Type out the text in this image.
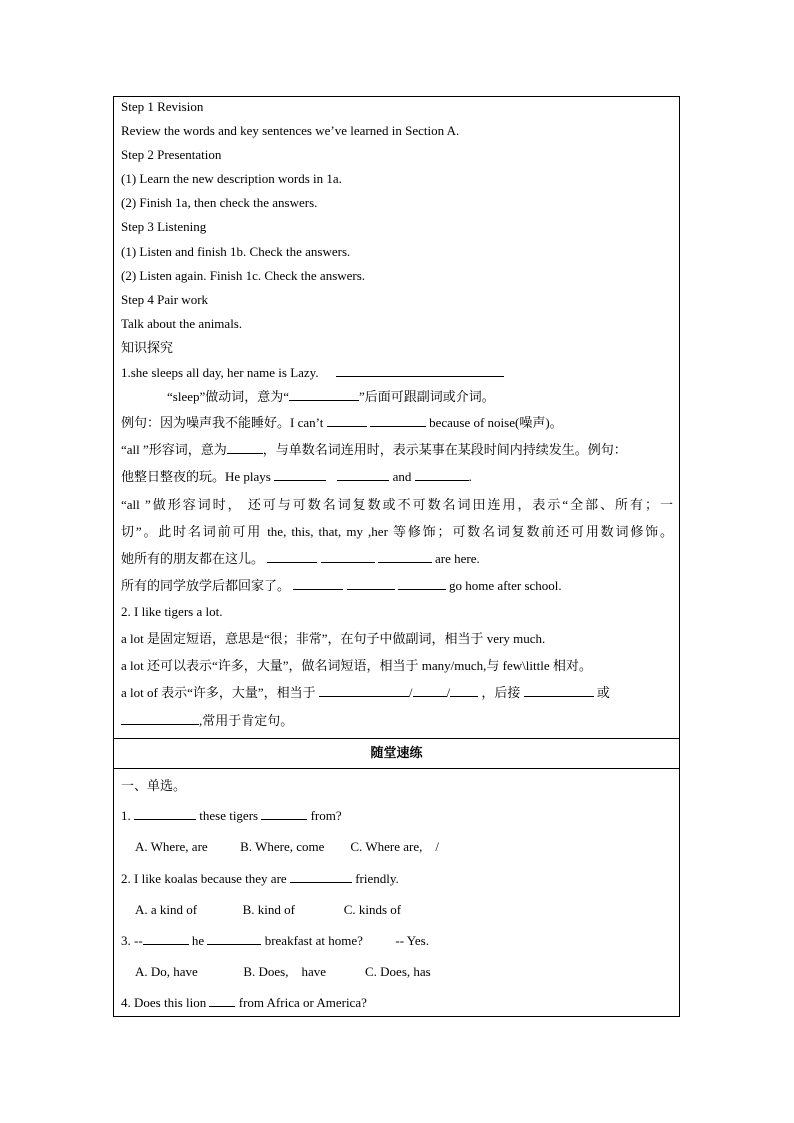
Step 1 Revision
Review the words and key sentences we’ve learned in Section A.
Step 2 Presentation
(1) Learn the new description words in 1a.
(2) Finish 1a, then check the answers.
Step 3 Listening
(1) Listen and finish 1b. Check the answers.
(2) Listen again. Finish 1c. Check the answers.
Step 4 Pair work
Talk about the animals.
知识探究
1.she sleeps all day, her name is Lazy.
“sleep”做动词，意为“	”后面可跟副词或介词。
例句：因为噪声我不能睡好。I can’t	because of noise(噪声)。
“all ”形容词，意为	，与单数名词连用时，表示某事在某段时间内持续发生。例句：
他整日整夜的玩。He plays	and	.
“all ”做形容词时， 还可与可数名词复数或不可数名词田连用，表示“全部、所有；一
切”。此时名词前可用 the, this, that, my ,her 等修饰；可数名词复数前还可用数词修饰。
她所有的朋友都在这儿。	are here.
所有的同学放学后都回家了。	go home after school.
2. I like tigers a lot.
a lot 是固定短语，意思是“很；非常”，在句子中做副词，相当于 very much.
a lot 还可以表示“许多，大量”，做名词短语，相当于 many/much,与 few\little 相对。
a lot of 表示“许多，大量”，相当于	/	/ ，后接	或
,常用于肯定句。
随堂速练
一、单选。
1.	these tigers	from?
A. Where, are          B. Where, come        C. Where are,    /
2. I like koalas because they are	friendly.
A. a kind of              B. kind of               C. kinds of
3. --	he	breakfast at home?          -- Yes.
A. Do, have              B. Does,    have            C. Does, has
4. Does this lion	from Africa or America?
